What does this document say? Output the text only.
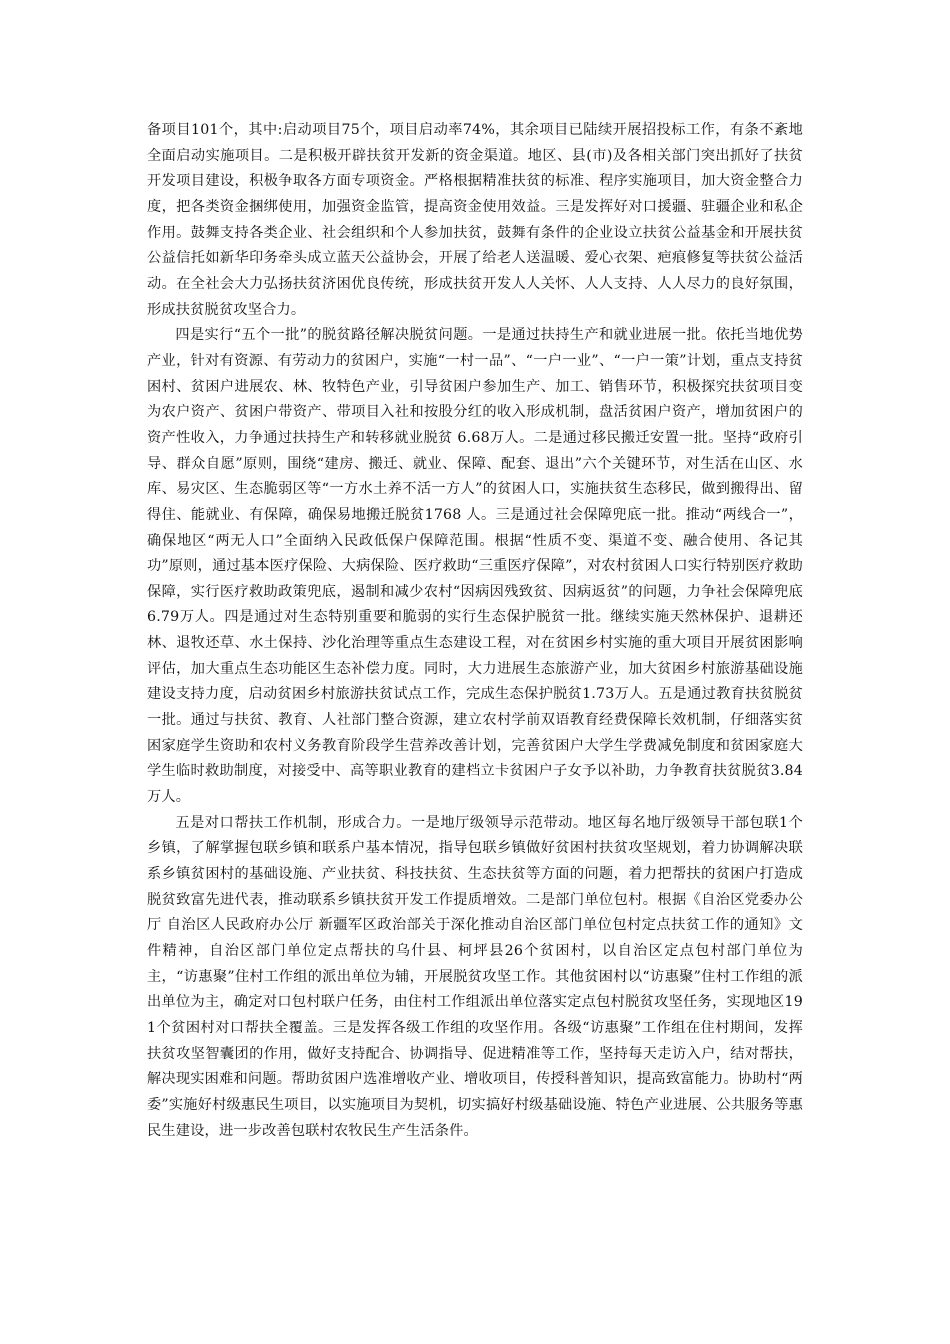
备项目101个，其中:启动项目75个，项目启动率74%，其余项目已陆续开展招投标工作，有条不紊地全面启动实施项目。二是积极开辟扶贫开发新的资金渠道。地区、县(市)及各相关部门突出抓好了扶贫开发项目建设，积极争取各方面专项资金。严格根据精准扶贫的标准、程序实施项目，加大资金整合力度，把各类资金捆绑使用，加强资金监管，提高资金使用效益。三是发挥好对口援疆、驻疆企业和私企作用。鼓舞支持各类企业、社会组织和个人参加扶贫，鼓舞有条件的企业设立扶贫公益基金和开展扶贫公益信托如新华印务牵头成立蓝天公益协会，开展了给老人送温暖、爱心衣架、疤痕修复等扶贫公益活动。在全社会大力弘扬扶贫济困优良传统，形成扶贫开发人人关怀、人人支持、人人尽力的良好氛围，形成扶贫脱贫攻坚合力。

四是实行“五个一批”的脱贫路径解决脱贫问题。一是通过扶持生产和就业进展一批。依托当地优势产业，针对有资源、有劳动力的贫困户，实施“一村一品”、“一户一业”、“一户一策”计划，重点支持贫困村、贫困户进展农、林、牧特色产业，引导贫困户参加生产、加工、销售环节，积极探究扶贫项目变为农户资产、贫困户带资产、带项目入社和按股分红的收入形成机制，盘活贫困户资产，增加贫困户的资产性收入，力争通过扶持生产和转移就业脱贫 6.68万人。二是通过移民搬迁安置一批。坚持“政府引导、群众自愿”原则，围绕“建房、搬迁、就业、保障、配套、退出”六个关键环节，对生活在山区、水库、易灾区、生态脆弱区等“一方水土养不活一方人”的贫困人口，实施扶贫生态移民，做到搬得出、留得住、能就业、有保障，确保易地搬迁脱贫1768 人。三是通过社会保障兜底一批。推动“两线合一”，确保地区“两无人口”全面纳入民政低保户保障范围。根据“性质不变、渠道不变、融合使用、各记其功”原则，通过基本医疗保险、大病保险、医疗救助“三重医疗保障”，对农村贫困人口实行特别医疗救助保障，实行医疗救助政策兜底，遏制和减少农村“因病因残致贫、因病返贫”的问题，力争社会保障兜底6.79万人。四是通过对生态特别重要和脆弱的实行生态保护脱贫一批。继续实施天然林保护、退耕还林、退牧还草、水土保持、沙化治理等重点生态建设工程，对在贫困乡村实施的重大项目开展贫困影响评估，加大重点生态功能区生态补偿力度。同时，大力进展生态旅游产业，加大贫困乡村旅游基础设施建设支持力度，启动贫困乡村旅游扶贫试点工作，完成生态保护脱贫1.73万人。五是通过教育扶贫脱贫一批。通过与扶贫、教育、人社部门整合资源，建立农村学前双语教育经费保障长效机制，仔细落实贫困家庭学生资助和农村义务教育阶段学生营养改善计划，完善贫困户大学生学费减免制度和贫困家庭大学生临时救助制度，对接受中、高等职业教育的建档立卡贫困户子女予以补助，力争教育扶贫脱贫3.84万人。

五是对口帮扶工作机制，形成合力。一是地厅级领导示范带动。地区每名地厅级领导干部包联1个乡镇，了解掌握包联乡镇和联系户基本情况，指导包联乡镇做好贫困村扶贫攻坚规划，着力协调解决联系乡镇贫困村的基础设施、产业扶贫、科技扶贫、生态扶贫等方面的问题，着力把帮扶的贫困户打造成脱贫致富先进代表，推动联系乡镇扶贫开发工作提质增效。二是部门单位包村。根据《自治区党委办公厅 自治区人民政府办公厅 新疆军区政治部关于深化推动自治区部门单位包村定点扶贫工作的通知》文件精神，自治区部门单位定点帮扶的乌什县、柯坪县26个贫困村，以自治区定点包村部门单位为主，“访惠聚”住村工作组的派出单位为辅，开展脱贫攻坚工作。其他贫困村以“访惠聚”住村工作组的派出单位为主，确定对口包村联户任务，由住村工作组派出单位落实定点包村脱贫攻坚任务，实现地区191个贫困村对口帮扶全覆盖。三是发挥各级工作组的攻坚作用。各级“访惠聚”工作组在住村期间，发挥扶贫攻坚智囊团的作用，做好支持配合、协调指导、促进精准等工作，坚持每天走访入户，结对帮扶，解决现实困难和问题。帮助贫困户选准增收产业、增收项目，传授科普知识，提高致富能力。协助村“两委”实施好村级惠民生项目，以实施项目为契机，切实搞好村级基础设施、特色产业进展、公共服务等惠民生建设，进一步改善包联村农牧民生产生活条件。
